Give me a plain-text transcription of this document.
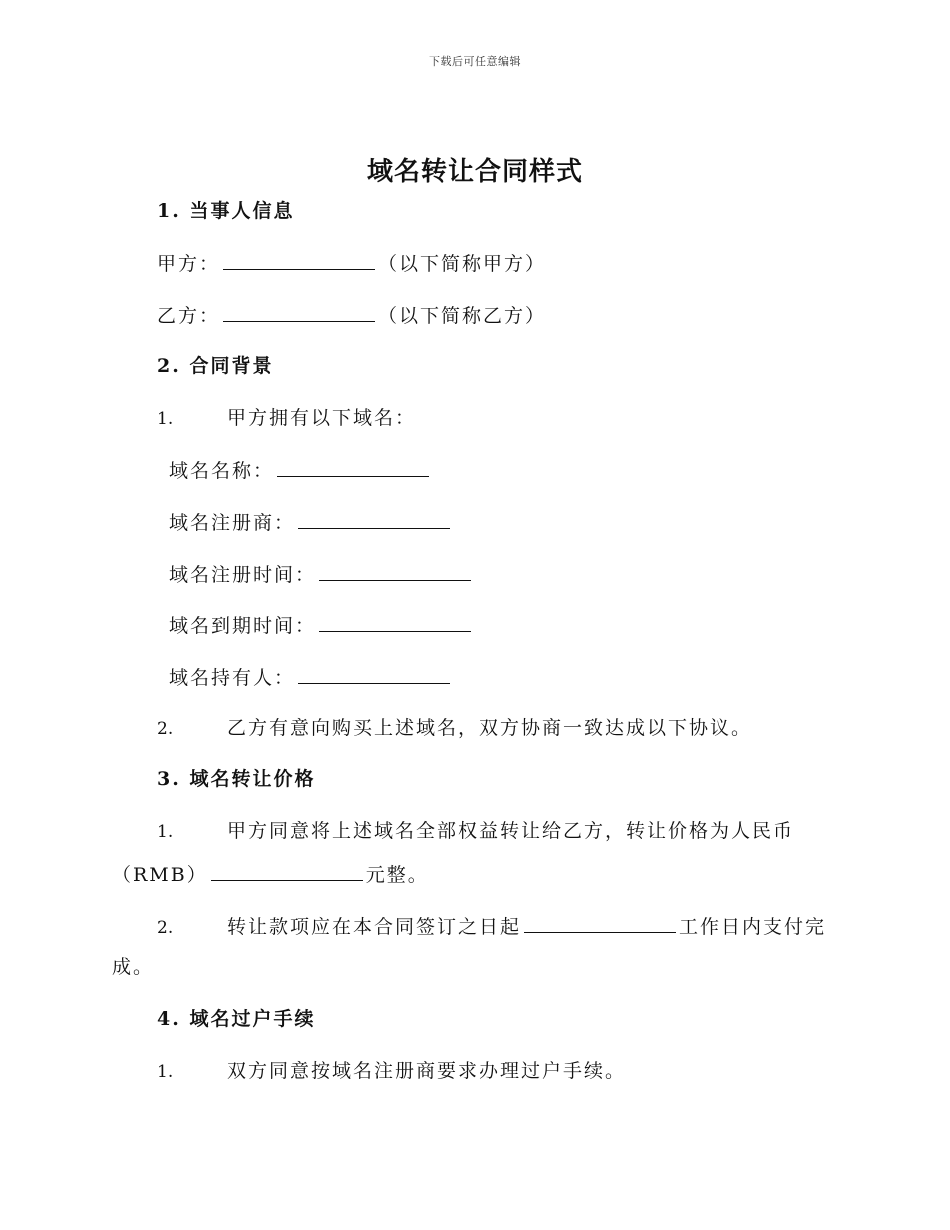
下载后可任意编辑
域名转让合同样式
1. 当事人信息
甲方：	（以下简称甲方）
乙方：	（以下简称乙方）
2. 合同背景
1.	甲方拥有以下域名：
域名名称：
域名注册商：
域名注册时间：
域名到期时间：
域名持有人：
2.	乙方有意向购买上述域名，双方协商一致达成以下协议。
3. 域名转让价格
1.	甲方同意将上述域名全部权益转让给乙方，转让价格为人民币
（RMB）	元整。
2.	转让款项应在本合同签订之日起	工作日内支付完
成。
4. 域名过户手续
1.	双方同意按域名注册商要求办理过户手续。
